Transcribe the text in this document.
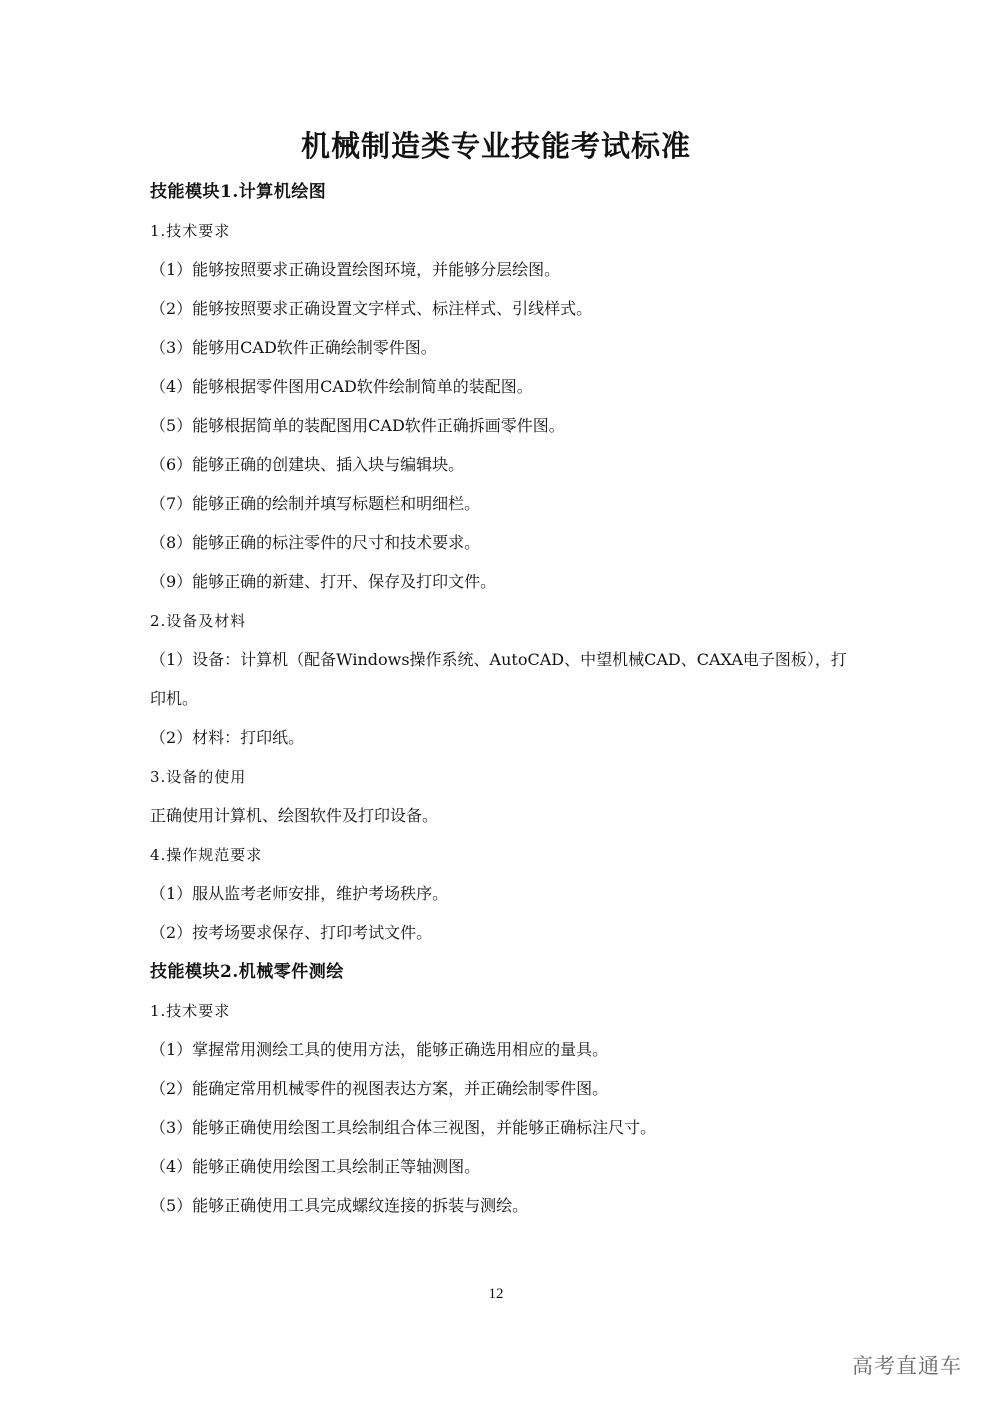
机械制造类专业技能考试标准
技能模块1.计算机绘图
1.技术要求
（1）能够按照要求正确设置绘图环境，并能够分层绘图。
（2）能够按照要求正确设置文字样式、标注样式、引线样式。
（3）能够用CAD软件正确绘制零件图。
（4）能够根据零件图用CAD软件绘制简单的装配图。
（5）能够根据简单的装配图用CAD软件正确拆画零件图。
（6）能够正确的创建块、插入块与编辑块。
（7）能够正确的绘制并填写标题栏和明细栏。
（8）能够正确的标注零件的尺寸和技术要求。
（9）能够正确的新建、打开、保存及打印文件。
2.设备及材料
（1）设备：计算机（配备Windows操作系统、AutoCAD、中望机械CAD、CAXA电子图板），打
印机。
（2）材料：打印纸。
3.设备的使用
正确使用计算机、绘图软件及打印设备。
4.操作规范要求
（1）服从监考老师安排，维护考场秩序。
（2）按考场要求保存、打印考试文件。
技能模块2.机械零件测绘
1.技术要求
（1）掌握常用测绘工具的使用方法，能够正确选用相应的量具。
（2）能确定常用机械零件的视图表达方案，并正确绘制零件图。
（3）能够正确使用绘图工具绘制组合体三视图，并能够正确标注尺寸。
（4）能够正确使用绘图工具绘制正等轴测图。
（5）能够正确使用工具完成螺纹连接的拆装与测绘。
12
高考直通车
